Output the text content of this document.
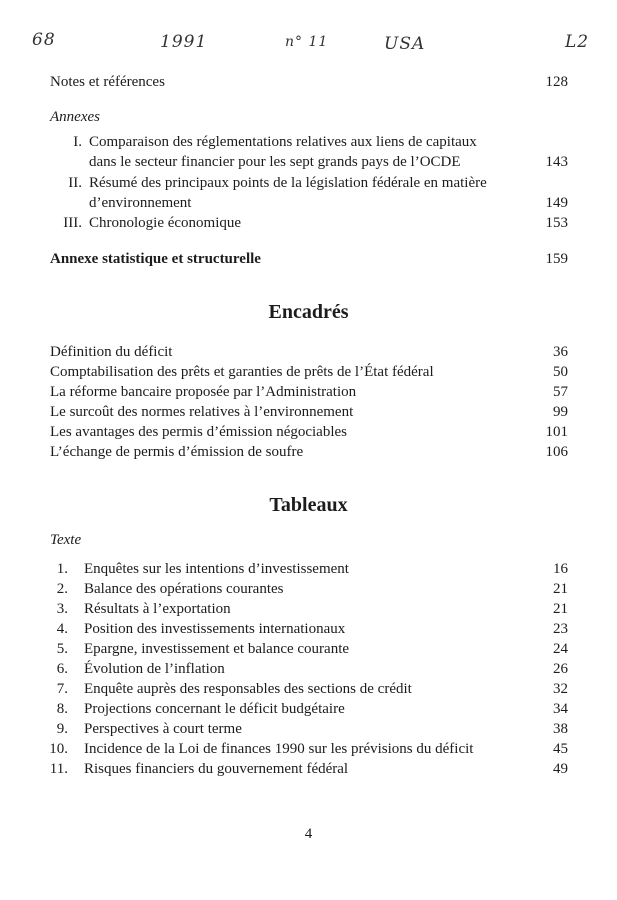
68	1991	n° 11	USA	L2
Notes et références	128
Annexes
I. Comparaison des réglementations relatives aux liens de capitaux
dans le secteur financier pour les sept grands pays de l’OCDE	143
II. Résumé des principaux points de la législation fédérale en matière
d’environnement	149
III. Chronologie économique	153
Annexe statistique et structurelle	159
Encadrés
Définition du déficit	36
Comptabilisation des prêts et garanties de prêts de l’État fédéral	50
La réforme bancaire proposée par l’Administration	57
Le surcoût des normes relatives à l’environnement	99
Les avantages des permis d’émission négociables	101
L’échange de permis d’émission de soufre	106
Tableaux
Texte
1. Enquêtes sur les intentions d’investissement	16
2. Balance des opérations courantes	21
3. Résultats à l’exportation	21
4. Position des investissements internationaux	23
5. Epargne, investissement et balance courante	24
6. Évolution de l’inflation	26
7. Enquête auprès des responsables des sections de crédit	32
8. Projections concernant le déficit budgétaire	34
9. Perspectives à court terme	38
10. Incidence de la Loi de finances 1990 sur les prévisions du déficit	45
11. Risques financiers du gouvernement fédéral	49
4
